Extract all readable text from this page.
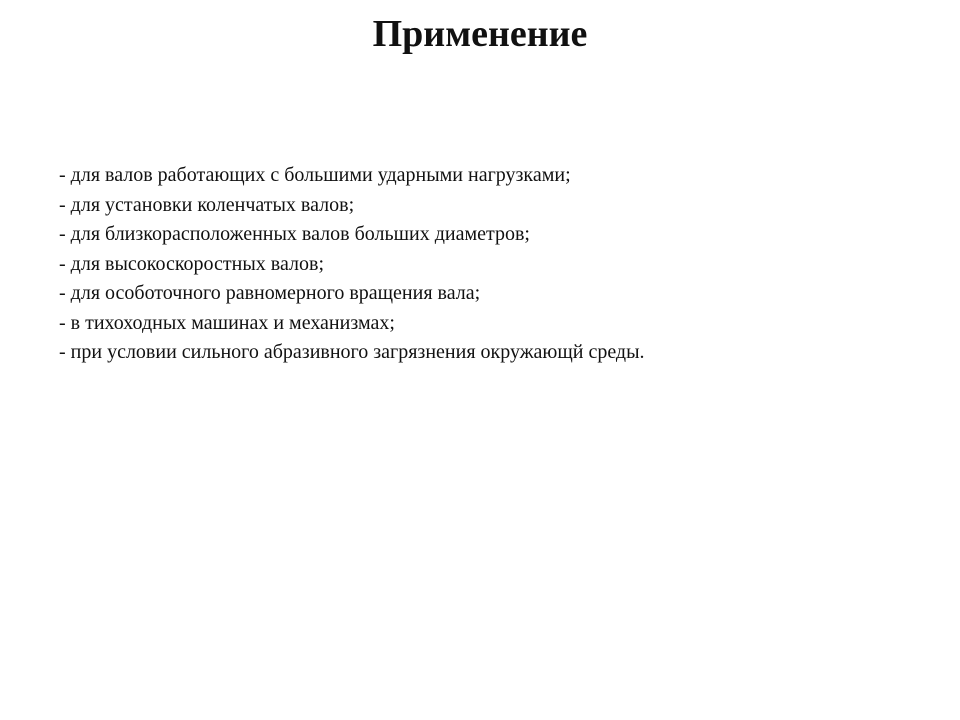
Применение
- для валов работающих с большими ударными нагрузками;
- для установки коленчатых валов;
- для близкорасположенных валов больших диаметров;
- для высокоскоростных валов;
- для особоточного равномерного вращения вала;
- в тихоходных машинах и механизмах;
- при условии сильного абразивного загрязнения окружающй среды.
